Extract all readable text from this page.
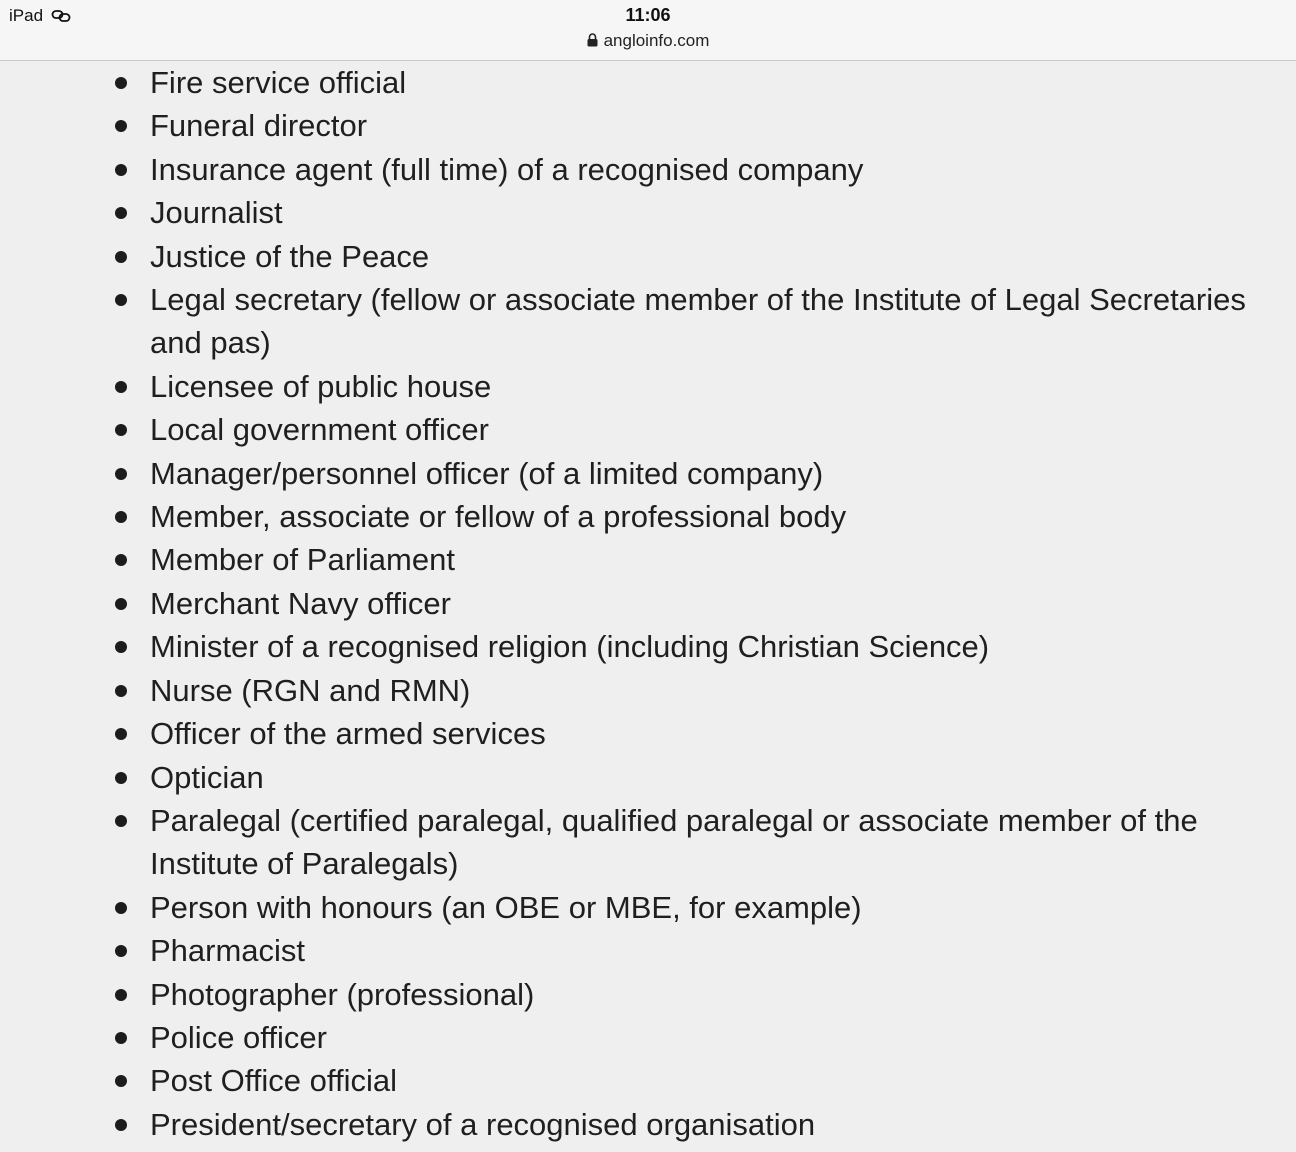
iPad	11:06
angloinfo.com
Fire service official
Funeral director
Insurance agent (full time) of a recognised company
Journalist
Justice of the Peace
Legal secretary (fellow or associate member of the Institute of Legal Secretaries and pas)
Licensee of public house
Local government officer
Manager/personnel officer (of a limited company)
Member, associate or fellow of a professional body
Member of Parliament
Merchant Navy officer
Minister of a recognised religion (including Christian Science)
Nurse (RGN and RMN)
Officer of the armed services
Optician
Paralegal (certified paralegal, qualified paralegal or associate member of the Institute of Paralegals)
Person with honours (an OBE or MBE, for example)
Pharmacist
Photographer (professional)
Police officer
Post Office official
President/secretary of a recognised organisation
